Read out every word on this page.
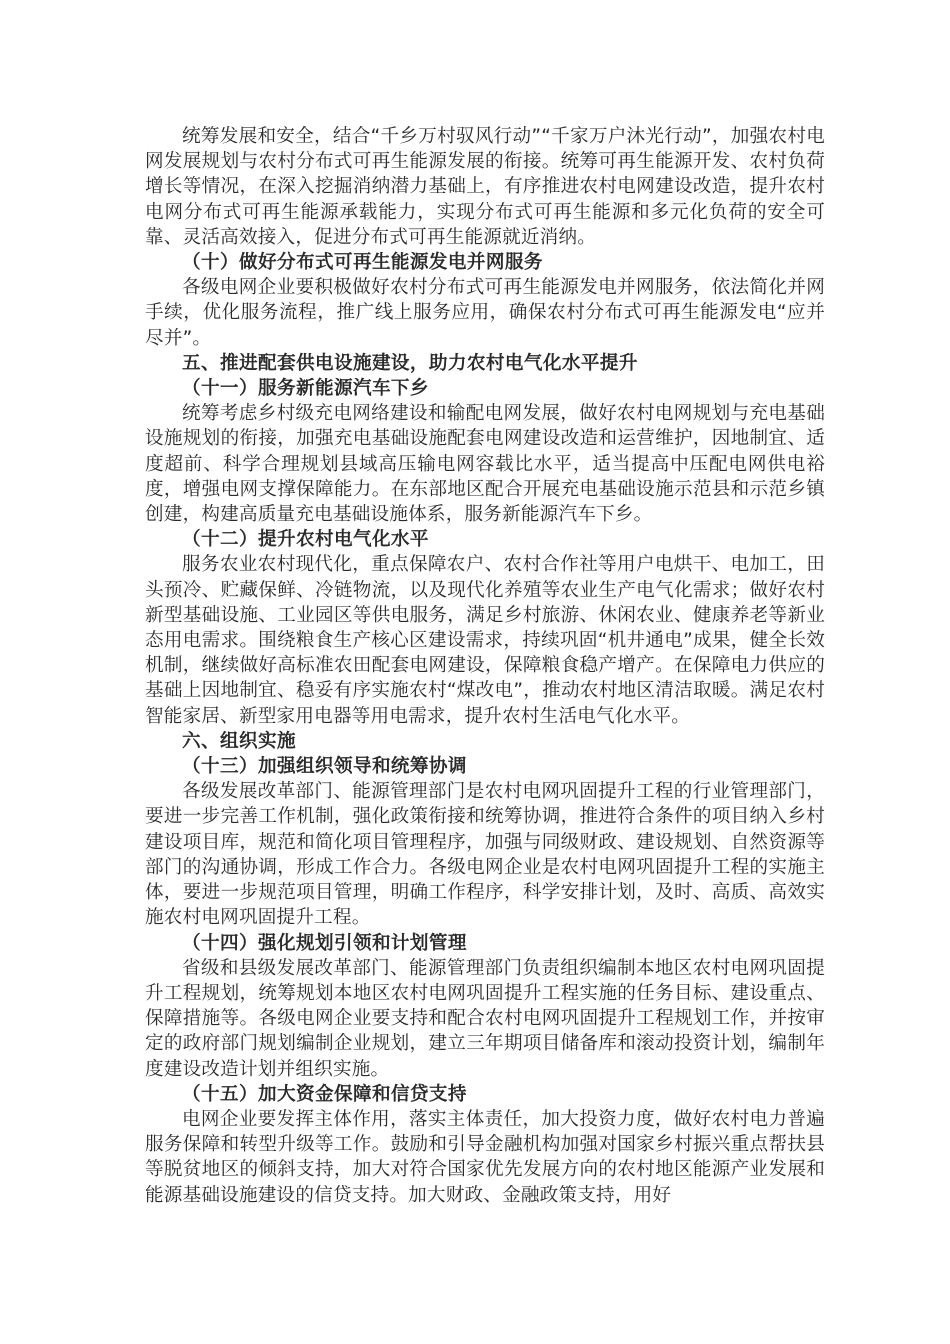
统筹发展和安全，结合“千乡万村驭风行动”“千家万户沐光行动”，加强农村电网发展规划与农村分布式可再生能源发展的衔接。统筹可再生能源开发、农村负荷增长等情况，在深入挖掘消纳潜力基础上，有序推进农村电网建设改造，提升农村电网分布式可再生能源承载能力，实现分布式可再生能源和多元化负荷的安全可靠、灵活高效接入，促进分布式可再生能源就近消纳。

（十）做好分布式可再生能源发电并网服务

各级电网企业要积极做好农村分布式可再生能源发电并网服务，依法简化并网手续，优化服务流程，推广线上服务应用，确保农村分布式可再生能源发电“应并尽并”。

五、推进配套供电设施建设，助力农村电气化水平提升

（十一）服务新能源汽车下乡

统筹考虑乡村级充电网络建设和输配电网发展，做好农村电网规划与充电基础设施规划的衔接，加强充电基础设施配套电网建设改造和运营维护，因地制宜、适度超前、科学合理规划县域高压输电网容载比水平，适当提高中压配电网供电裕度，增强电网支撑保障能力。在东部地区配合开展充电基础设施示范县和示范乡镇创建，构建高质量充电基础设施体系，服务新能源汽车下乡。

（十二）提升农村电气化水平

服务农业农村现代化，重点保障农户、农村合作社等用户电烘干、电加工，田头预冷、贮藏保鲜、冷链物流，以及现代化养殖等农业生产电气化需求；做好农村新型基础设施、工业园区等供电服务，满足乡村旅游、休闲农业、健康养老等新业态用电需求。围绕粮食生产核心区建设需求，持续巩固“机井通电”成果，健全长效机制，继续做好高标准农田配套电网建设，保障粮食稳产增产。在保障电力供应的基础上因地制宜、稳妥有序实施农村“煤改电”，推动农村地区清洁取暖。满足农村智能家居、新型家用电器等用电需求，提升农村生活电气化水平。

六、组织实施

（十三）加强组织领导和统筹协调

各级发展改革部门、能源管理部门是农村电网巩固提升工程的行业管理部门，要进一步完善工作机制，强化政策衔接和统筹协调，推进符合条件的项目纳入乡村建设项目库，规范和简化项目管理程序，加强与同级财政、建设规划、自然资源等部门的沟通协调，形成工作合力。各级电网企业是农村电网巩固提升工程的实施主体，要进一步规范项目管理，明确工作程序，科学安排计划，及时、高质、高效实施农村电网巩固提升工程。

（十四）强化规划引领和计划管理

省级和县级发展改革部门、能源管理部门负责组织编制本地区农村电网巩固提升工程规划，统筹规划本地区农村电网巩固提升工程实施的任务目标、建设重点、保障措施等。各级电网企业要支持和配合农村电网巩固提升工程规划工作，并按审定的政府部门规划编制企业规划，建立三年期项目储备库和滚动投资计划，编制年度建设改造计划并组织实施。

（十五）加大资金保障和信贷支持

电网企业要发挥主体作用，落实主体责任，加大投资力度，做好农村电力普遍服务保障和转型升级等工作。鼓励和引导金融机构加强对国家乡村振兴重点帮扶县等脱贫地区的倾斜支持，加大对符合国家优先发展方向的农村地区能源产业发展和能源基础设施建设的信贷支持。加大财政、金融政策支持，用好
